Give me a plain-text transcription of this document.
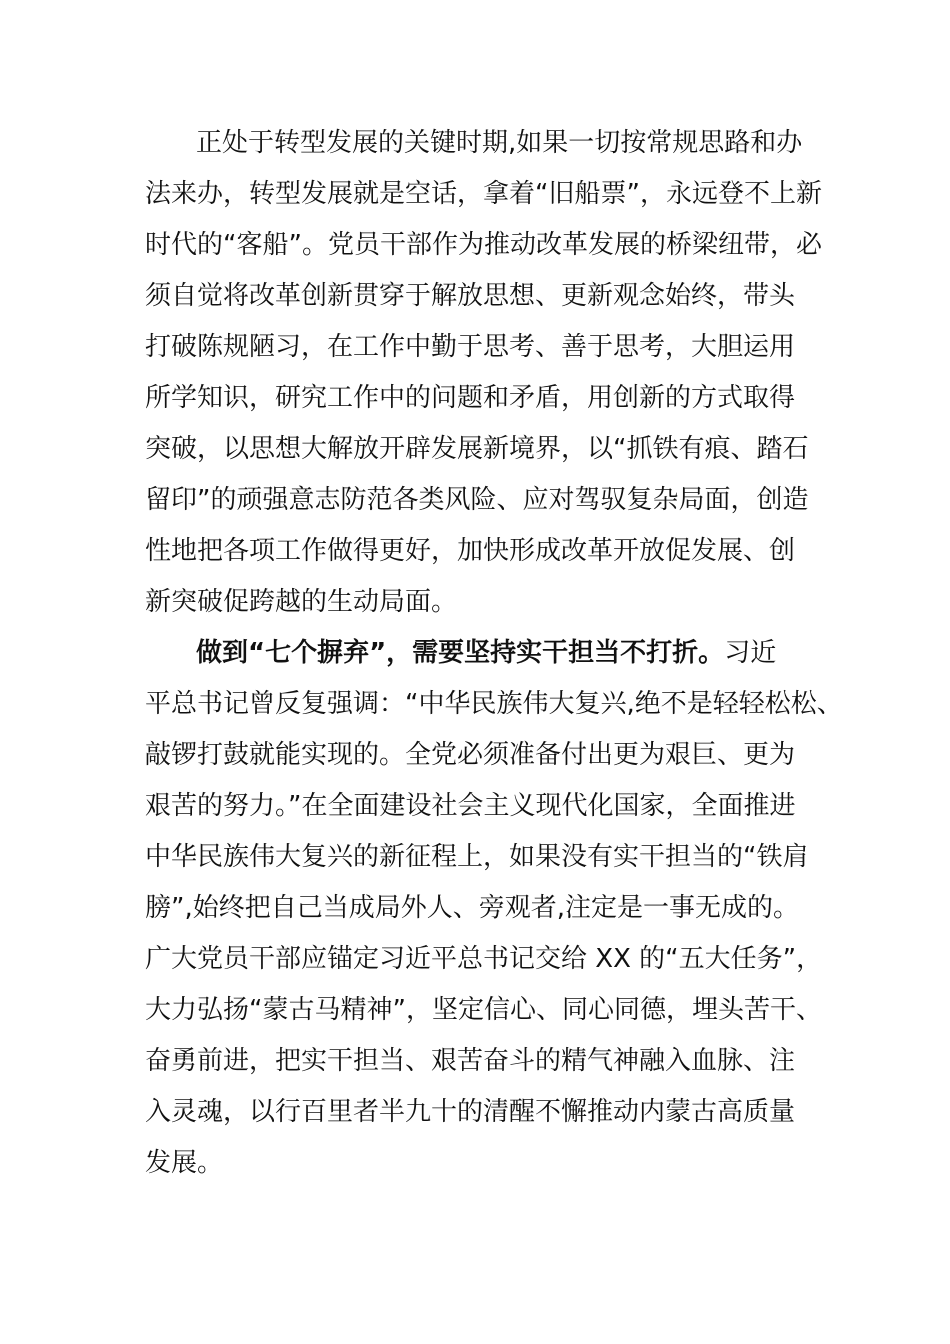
正处于转型发展的关键时期,如果一切按常规思路和办
法来办，转型发展就是空话，拿着“旧船票”，永远登不上新
时代的“客船”。党员干部作为推动改革发展的桥梁纽带，必
须自觉将改革创新贯穿于解放思想、更新观念始终，带头
打破陈规陋习，在工作中勤于思考、善于思考，大胆运用
所学知识，研究工作中的问题和矛盾，用创新的方式取得
突破，以思想大解放开辟发展新境界，以“抓铁有痕、踏石
留印”的顽强意志防范各类风险、应对驾驭复杂局面，创造
性地把各项工作做得更好，加快形成改革开放促发展、创
新突破促跨越的生动局面。
做到“七个摒弃”，需要坚持实干担当不打折。习近
平总书记曾反复强调：“中华民族伟大复兴,绝不是轻轻松松、
敲锣打鼓就能实现的。全党必须准备付出更为艰巨、更为
艰苦的努力。”在全面建设社会主义现代化国家，全面推进
中华民族伟大复兴的新征程上，如果没有实干担当的“铁肩
膀”,始终把自己当成局外人、旁观者,注定是一事无成的。
广大党员干部应锚定习近平总书记交给 XX 的“五大任务”，
大力弘扬“蒙古马精神”，坚定信心、同心同德，埋头苦干、
奋勇前进，把实干担当、艰苦奋斗的精气神融入血脉、注
入灵魂，以行百里者半九十的清醒不懈推动内蒙古高质量
发展。
